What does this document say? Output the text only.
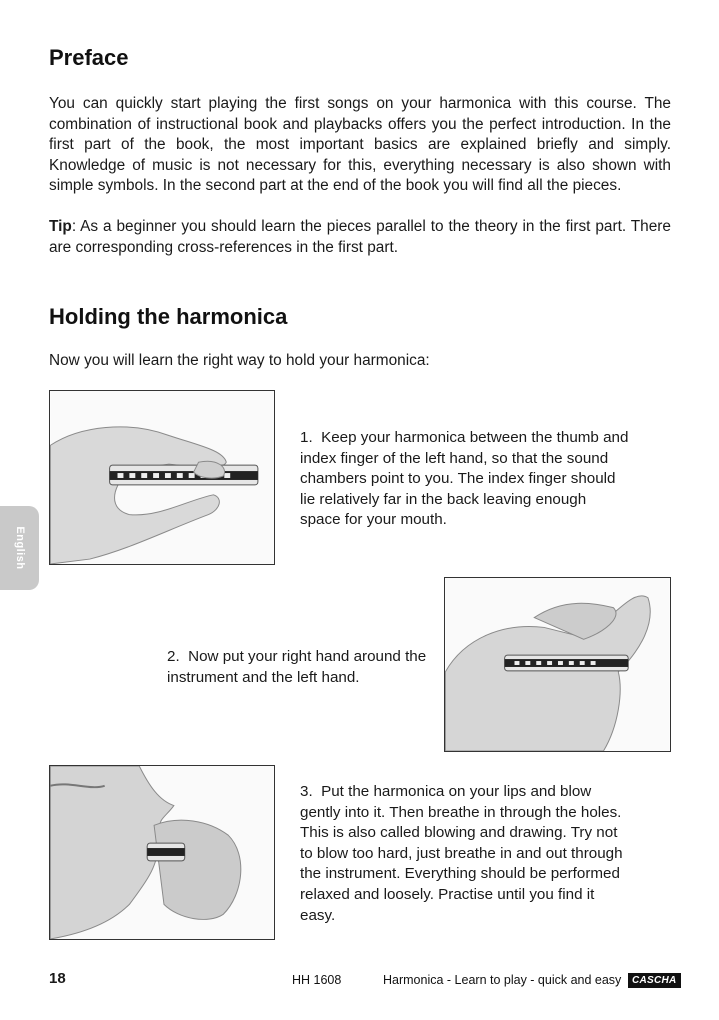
Preface

You can quickly start playing the first songs on your harmonica with this course. The combination of instructional book and playbacks offers you the perfect introduction. In the first part of the book, the most important basics are explained briefly and simply. Knowledge of music is not necessary for this, everything necessary is also shown with simple symbols. In the second part at the end of the book you will find all the pieces.

Tip: As a beginner you should learn the pieces parallel to the theory in the first part. There are corresponding cross-references in the first part.

Holding the harmonica

Now you will learn the right way to hold your harmonica:

1.  Keep your harmonica between the thumb and index finger of the left hand, so that the sound chambers point to you. The index finger should lie relatively far in the back leaving enough space for your mouth.

2.  Now put your right hand around the instrument and the left hand.

3.  Put the harmonica on your lips and blow gently into it. Then breathe in through the holes. This is also called blowing and drawing. Try not to blow too hard, just breathe in and out through the instrument. Everything should be performed relaxed and loosely. Practise until you find it easy.

English
18	HH 1608	Harmonica - Learn to play - quick and easy	CASCHA
